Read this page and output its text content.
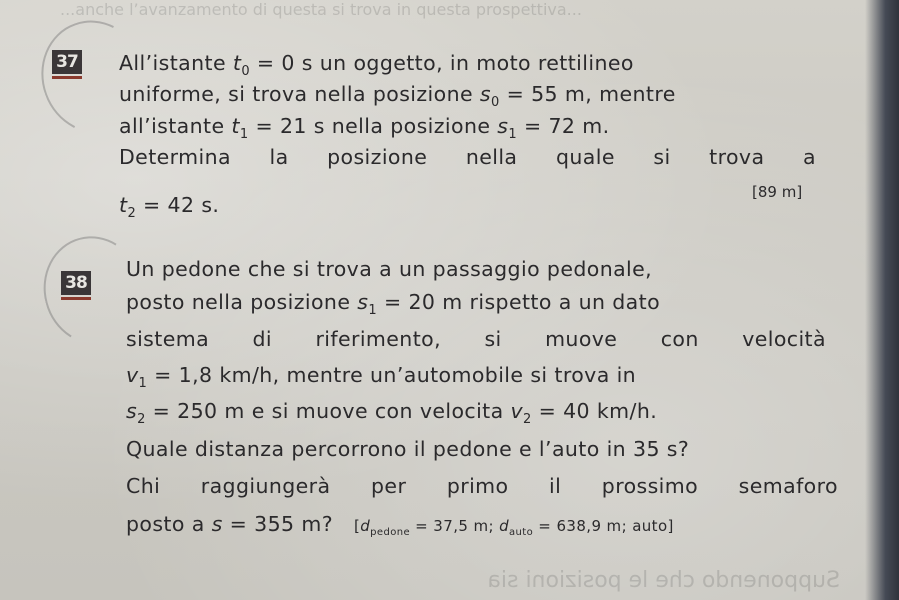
...anche l’avanzamento di questa si trova in questa prospettiva...
Supponendo che le posizioni sia
37 All’istante $t_0 = 0$ s un oggetto, in moto rettilineo
uniforme, si trova nella posizione $s_0 = 55$ m, mentre
all’istante $t_1 = 21$ s nella posizione $s_1 = 72$ m.
Determina la posizione nella quale si trova a
$t_2 = 42$ s.
[89 m]
38
Un pedone che si trova a un passaggio pedonale,
posto nella posizione $s_1 = 20$ m rispetto a un dato
sistema di riferimento, si muove con velocità
$v_1 = 1,8$ km/h, mentre un’automobile si trova in
$s_2 = 250$ m e si muove con velocita $v_2 = 40$ km/h.
Quale distanza percorrono il pedone e l’auto in 35 s?
Chi raggiungerà per primo il prossimo semaforo
posto a s = 355 m? [$d_{pedone} = 37,5$ m; $d_{auto} = 638,9$ m; auto]
